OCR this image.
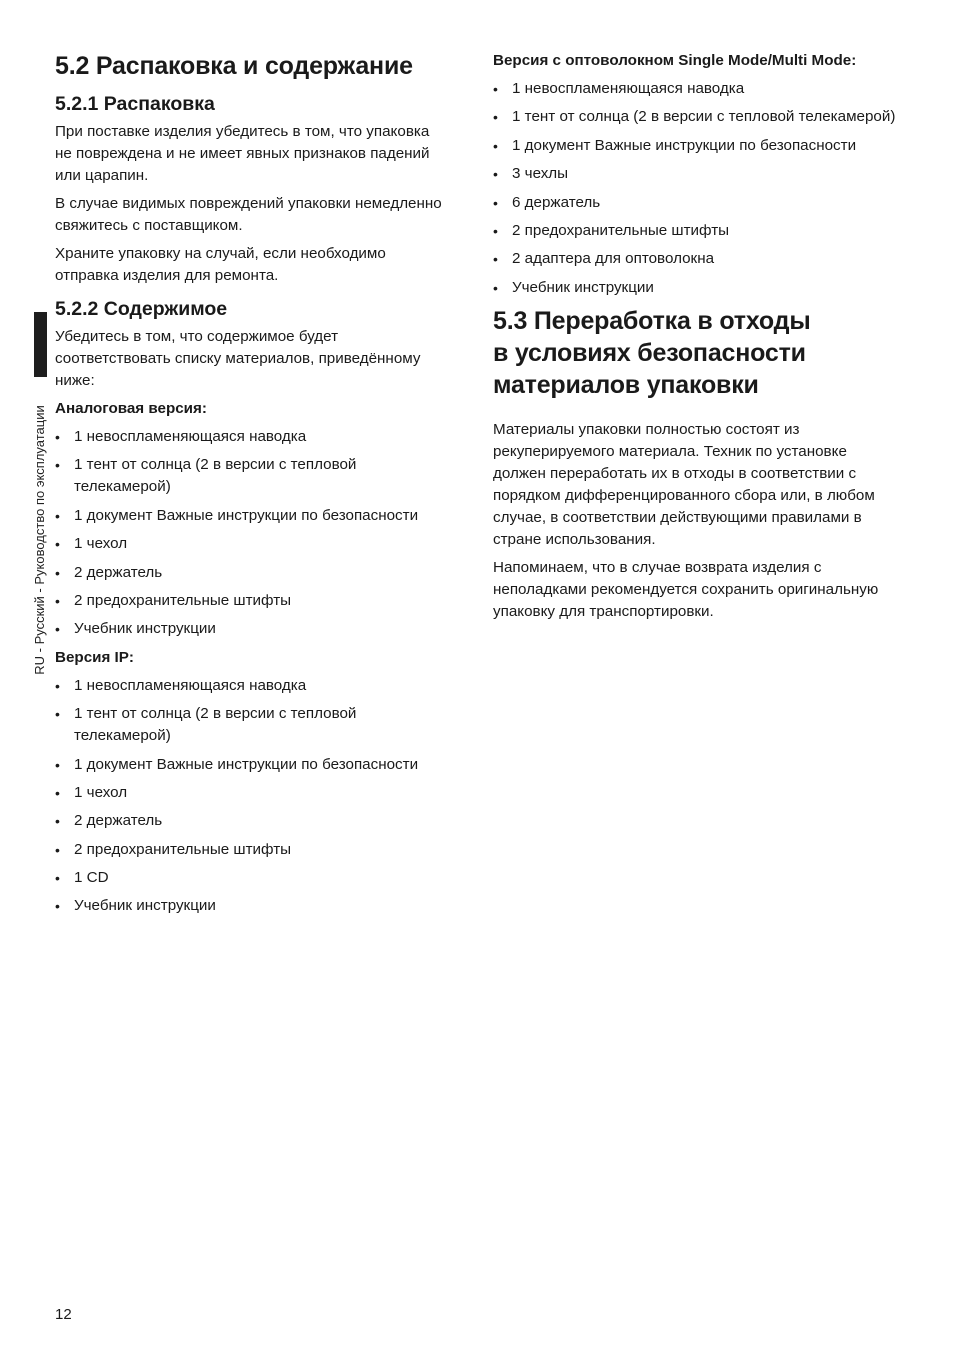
RU - Русский - Руководство по эксплуатации
5.2 Распаковка и содержание
5.2.1 Распаковка

При поставке изделия убедитесь в том, что упаковка не повреждена и не имеет явных признаков падений или царапин.

В случае видимых повреждений упаковки немедленно свяжитесь с поставщиком.

Храните упаковку на случай, если необходимо отправка изделия для ремонта.

5.2.2 Содержимое

Убедитесь в том, что содержимое будет соответствовать списку материалов, приведённому ниже:

Аналоговая версия:

• 1 невоспламеняющаяся наводка
• 1 тент от солнца (2 в версии с тепловой телекамерой)
• 1 документ Важные инструкции по безопасности
• 1 чехол
• 2 держатель
• 2 предохранительные штифты
• Учебник инструкции

Версия IP:

• 1 невоспламеняющаяся наводка
• 1 тент от солнца (2 в версии с тепловой телекамерой)
• 1 документ Важные инструкции по безопасности
• 1 чехол
• 2 держатель
• 2 предохранительные штифты
• 1 CD
• Учебник инструкции

Версия с оптоволокном Single Mode/Multi Mode:

• 1 невоспламеняющаяся наводка
• 1 тент от солнца (2 в версии с тепловой телекамерой)
• 1 документ Важные инструкции по безопасности
• 3 чехлы
• 6 держатель
• 2 предохранительные штифты
• 2 адаптера для оптоволокна
• Учебник инструкции
5.3 Переработка в отходы
в условиях безопасности
материалов упаковки

Материалы упаковки полностью состоят из рекуперируемого материала. Техник по установке должен переработать их в отходы в соответствии с порядком дифференцированного сбора или, в любом случае, в соответствии действующими правилами в стране использования.

Напоминаем, что в случае возврата изделия с неполадками рекомендуется сохранить оригинальную упаковку для транспортировки.

12
